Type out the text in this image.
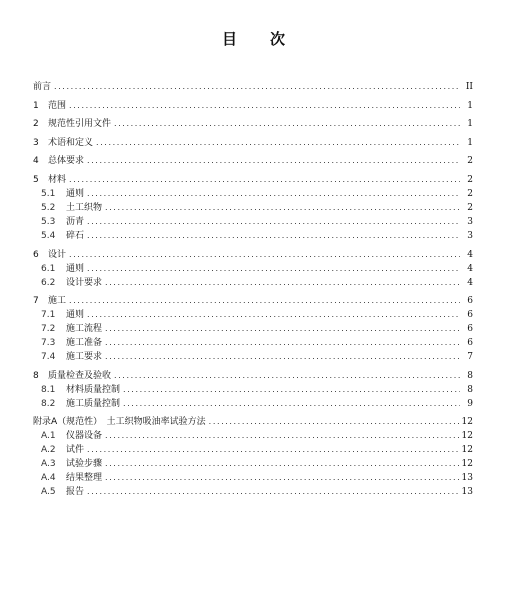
目 次
前言 .....	II
1	范围 .....	1
2	规范性引用文件 .....	1
3	术语和定义 .....	1
4	总体要求 .....	2
5	材料 .....	2
5.1	通则 .....	2
5.2	土工织物 .....	2
5.3	沥青 .....	3
5.4	碎石 .....	3
6	设计 .....	4
6.1	通则 .....	4
6.2	设计要求 .....	4
7	施工 .....	6
7.1	通则 .....	6
7.2	施工流程 .....	6
7.3	施工准备 .....	6
7.4	施工要求 .....	7
8	质量检查及验收 .....	8
8.1	材料质量控制 .....	8
8.2	施工质量控制 .....	9
附录A（规范性）　土工织物吸油率试验方法 .....	12
A.1	仪器设备 .....	12
A.2	试件 .....	12
A.3	试验步骤 .....	12
A.4	结果整理 .....	13
A.5	报告 .....	13
